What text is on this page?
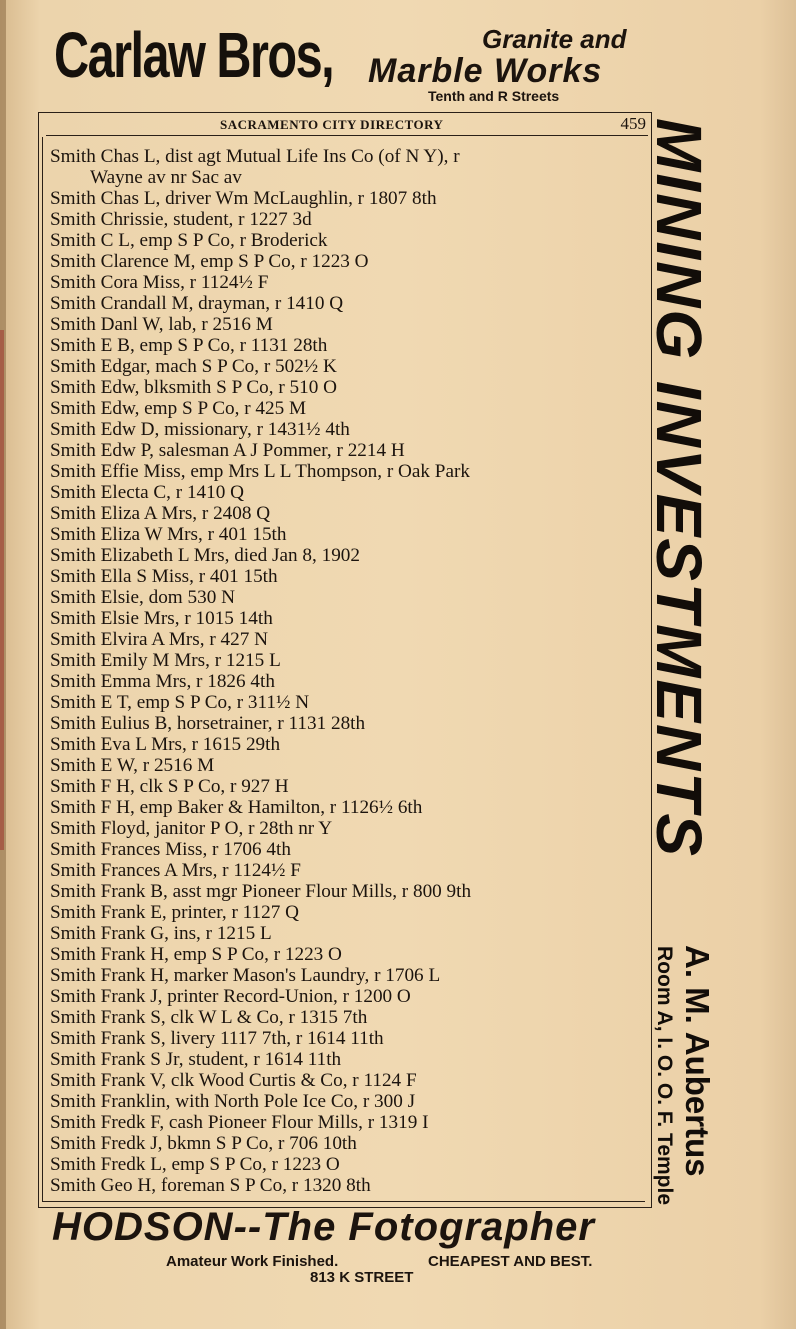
Carlaw Bros,	Granite and
Marble Works
Tenth and R Streets
SACRAMENTO CITY DIRECTORY	459
Smith Chas L, dist agt Mutual Life Ins Co (of N Y), r
Wayne av nr Sac av
Smith Chas L, driver Wm McLaughlin, r 1807 8th
Smith Chrissie, student, r 1227 3d
Smith C L, emp S P Co, r Broderick
Smith Clarence M, emp S P Co, r 1223 O
Smith Cora Miss, r 1124½ F
Smith Crandall M, drayman, r 1410 Q
Smith Danl W, lab, r 2516 M
Smith E B, emp S P Co, r 1131 28th
Smith Edgar, mach S P Co, r 502½ K
Smith Edw, blksmith S P Co, r 510 O
Smith Edw, emp S P Co, r 425 M
Smith Edw D, missionary, r 1431½ 4th
Smith Edw P, salesman A J Pommer, r 2214 H
Smith Effie Miss, emp Mrs L L Thompson, r Oak Park
Smith Electa C, r 1410 Q
Smith Eliza A Mrs, r 2408 Q
Smith Eliza W Mrs, r 401 15th
Smith Elizabeth L Mrs, died Jan 8, 1902
Smith Ella S Miss, r 401 15th
Smith Elsie, dom 530 N
Smith Elsie Mrs, r 1015 14th
Smith Elvira A Mrs, r 427 N
Smith Emily M Mrs, r 1215 L
Smith Emma Mrs, r 1826 4th
Smith E T, emp S P Co, r 311½ N
Smith Eulius B, horsetrainer, r 1131 28th
Smith Eva L Mrs, r 1615 29th
Smith E W, r 2516 M
Smith F H, clk S P Co, r 927 H
Smith F H, emp Baker & Hamilton, r 1126½ 6th
Smith Floyd, janitor P O, r 28th nr Y
Smith Frances Miss, r 1706 4th
Smith Frances A Mrs, r 1124½ F
Smith Frank B, asst mgr Pioneer Flour Mills, r 800 9th
Smith Frank E, printer, r 1127 Q
Smith Frank G, ins, r 1215 L
Smith Frank H, emp S P Co, r 1223 O
Smith Frank H, marker Mason's Laundry, r 1706 L
Smith Frank J, printer Record-Union, r 1200 O
Smith Frank S, clk W L & Co, r 1315 7th
Smith Frank S, livery 1117 7th, r 1614 11th
Smith Frank S Jr, student, r 1614 11th
Smith Frank V, clk Wood Curtis & Co, r 1124 F
Smith Franklin, with North Pole Ice Co, r 300 J
Smith Fredk F, cash Pioneer Flour Mills, r 1319 I
Smith Fredk J, bkmn S P Co, r 706 10th
Smith Fredk L, emp S P Co, r 1223 O
Smith Geo H, foreman S P Co, r 1320 8th
MINING INVESTMENTS
A. M. Aubertus
Room A, I. O. O. F. Temple
HODSON--The Fotographer
Amateur Work Finished.	CHEAPEST AND BEST.
813 K STREET
